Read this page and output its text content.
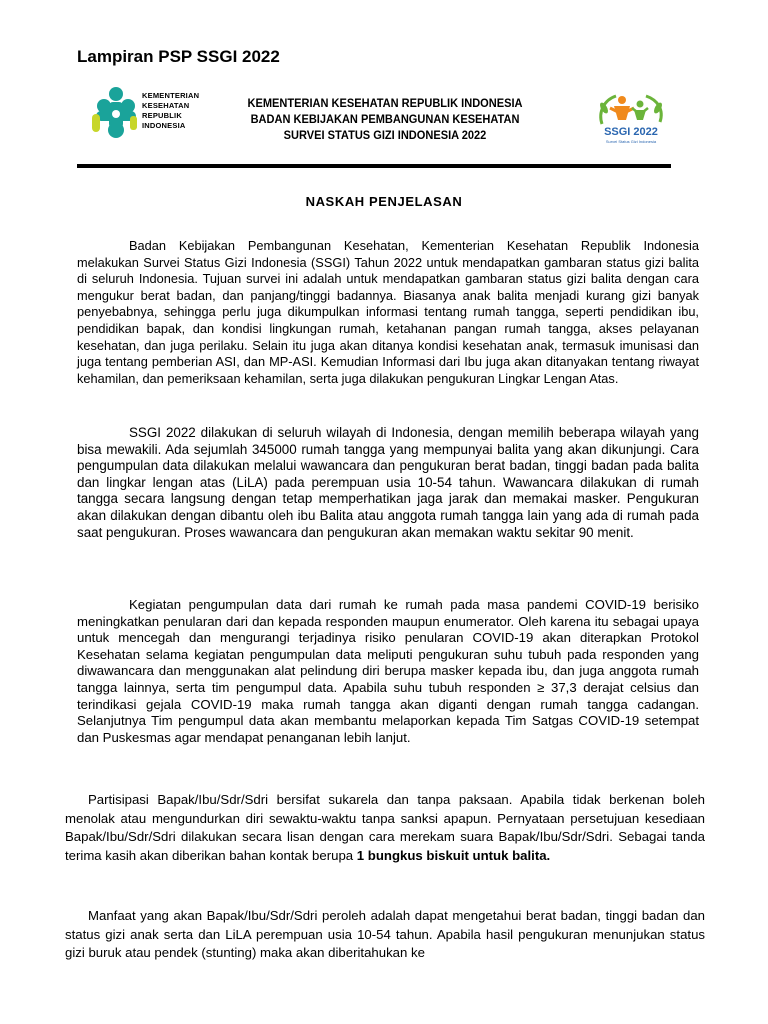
Lampiran PSP SSGI 2022
KEMENTERIAN
KESEHATAN
REPUBLIK
INDONESIA
KEMENTERIAN KESEHATAN REPUBLIK INDONESIA
BADAN KEBIJAKAN PEMBANGUNAN KESEHATAN
SURVEI STATUS GIZI INDONESIA 2022	SSGI 2022
Survei Status Gizi Indonesia
NASKAH PENJELASAN
Badan Kebijakan Pembangunan Kesehatan, Kementerian Kesehatan Republik Indonesia melakukan Survei Status Gizi Indonesia (SSGI) Tahun 2022 untuk mendapatkan gambaran status gizi balita di seluruh Indonesia. Tujuan survei ini adalah untuk mendapatkan gambaran status gizi balita dengan cara mengukur berat badan, dan panjang/tinggi badannya. Biasanya anak balita menjadi kurang gizi banyak penyebabnya, sehingga perlu juga dikumpulkan informasi tentang rumah tangga, seperti pendidikan ibu, pendidikan bapak, dan kondisi lingkungan rumah, ketahanan pangan rumah tangga, akses pelayanan kesehatan, dan juga perilaku. Selain itu juga akan ditanya kondisi kesehatan anak, termasuk imunisasi dan juga tentang pemberian ASI, dan MP-ASI. Kemudian Informasi dari Ibu juga akan ditanyakan tentang riwayat kehamilan, dan pemeriksaan kehamilan, serta juga dilakukan pengukuran Lingkar Lengan Atas.
SSGI 2022 dilakukan di seluruh wilayah di Indonesia, dengan memilih beberapa wilayah yang bisa mewakili. Ada sejumlah 345000 rumah tangga yang mempunyai balita yang akan dikunjungi. Cara pengumpulan data dilakukan melalui wawancara dan pengukuran berat badan, tinggi badan pada balita dan lingkar lengan atas (LiLA) pada perempuan usia 10-54 tahun. Wawancara dilakukan di rumah tangga secara langsung dengan tetap memperhatikan jaga jarak dan memakai masker. Pengukuran akan dilakukan dengan dibantu oleh ibu Balita atau anggota rumah tangga lain yang ada di rumah pada saat pengukuran. Proses wawancara dan pengukuran akan memakan waktu sekitar 90 menit.
Kegiatan pengumpulan data dari rumah ke rumah pada masa pandemi COVID-19 berisiko meningkatkan penularan dari dan kepada responden maupun enumerator. Oleh karena itu sebagai upaya untuk mencegah dan mengurangi terjadinya risiko penularan COVID-19 akan diterapkan Protokol Kesehatan selama kegiatan pengumpulan data meliputi pengukuran suhu tubuh pada responden yang diwawancara dan menggunakan alat pelindung diri berupa masker kepada ibu, dan juga anggota rumah tangga lainnya, serta tim pengumpul data. Apabila suhu tubuh responden ≥ 37,3 derajat celsius dan terindikasi gejala COVID-19 maka rumah tangga akan diganti dengan rumah tangga cadangan. Selanjutnya Tim pengumpul data akan membantu melaporkan kepada Tim Satgas COVID-19 setempat dan Puskesmas agar mendapat penanganan lebih lanjut.
Partisipasi Bapak/Ibu/Sdr/Sdri bersifat sukarela dan tanpa paksaan. Apabila tidak berkenan boleh menolak atau mengundurkan diri sewaktu-waktu tanpa sanksi apapun. Pernyataan persetujuan kesediaan Bapak/Ibu/Sdr/Sdri dilakukan secara lisan dengan cara merekam suara Bapak/Ibu/Sdr/Sdri. Sebagai tanda terima kasih akan diberikan bahan kontak berupa 1 bungkus biskuit untuk balita.
Manfaat yang akan Bapak/Ibu/Sdr/Sdri peroleh adalah dapat mengetahui berat badan, tinggi badan dan status gizi anak serta dan LiLA perempuan usia 10-54 tahun. Apabila hasil pengukuran menunjukan status gizi buruk atau pendek (stunting) maka akan diberitahukan ke
